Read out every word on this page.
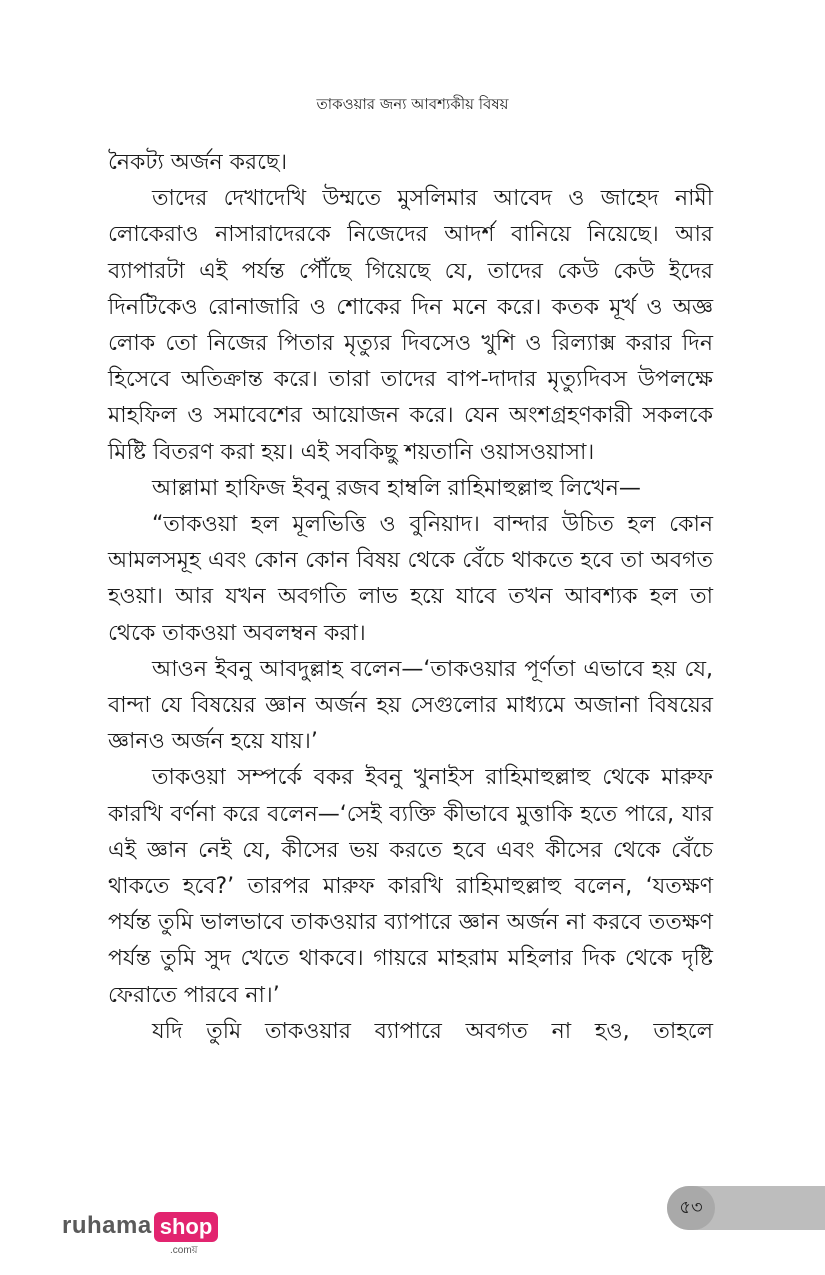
তাকওয়ার জন্য আবশ্যকীয় বিষয়

নৈকট্য অর্জন করছে।

তাদের দেখাদেখি উম্মতে মুসলিমার আবেদ ও জাহেদ নামী লোকেরাও নাসারাদেরকে নিজেদের আদর্শ বানিয়ে নিয়েছে। আর ব্যাপারটা এই পর্যন্ত পৌঁছে গিয়েছে যে, তাদের কেউ কেউ ইদের দিনটিকেও রোনাজারি ও শোকের দিন মনে করে। কতক মূর্খ ও অজ্ঞ লোক তো নিজের পিতার মৃত্যুর দিবসেও খুশি ও রিল্যাক্স করার দিন হিসেবে অতিক্রান্ত করে। তারা তাদের বাপ-দাদার মৃত্যুদিবস উপলক্ষে মাহফিল ও সমাবেশের আয়োজন করে। যেন অংশগ্রহণকারী সকলকে মিষ্টি বিতরণ করা হয়। এই সবকিছু শয়তানি ওয়াসওয়াসা।

আল্লামা হাফিজ ইবনু রজব হাম্বলি রাহিমাহুল্লাহু লিখেন—

“তাকওয়া হল মূলভিত্তি ও বুনিয়াদ। বান্দার উচিত হল কোন আমলসমূহ এবং কোন কোন বিষয় থেকে বেঁচে থাকতে হবে তা অবগত হওয়া। আর যখন অবগতি লাভ হয়ে যাবে তখন আবশ্যক হল তা থেকে তাকওয়া অবলম্বন করা।

আওন ইবনু আবদুল্লাহ বলেন—‘তাকওয়ার পূর্ণতা এভাবে হয় যে, বান্দা যে বিষয়ের জ্ঞান অর্জন হয় সেগুলোর মাধ্যমে অজানা বিষয়ের জ্ঞানও অর্জন হয়ে যায়।’

তাকওয়া সম্পর্কে বকর ইবনু খুনাইস রাহিমাহুল্লাহু থেকে মারুফ কারখি বর্ণনা করে বলেন—‘সেই ব্যক্তি কীভাবে মুত্তাকি হতে পারে, যার এই জ্ঞান নেই যে, কীসের ভয় করতে হবে এবং কীসের থেকে বেঁচে থাকতে হবে?’ তারপর মারুফ কারখি রাহিমাহুল্লাহু বলেন, ‘যতক্ষণ পর্যন্ত তুমি ভালভাবে তাকওয়ার ব্যাপারে জ্ঞান অর্জন না করবে ততক্ষণ পর্যন্ত তুমি সুদ খেতে থাকবে। গায়রে মাহরাম মহিলার দিক থেকে দৃষ্টি ফেরাতে পারবে না।’

যদি তুমি তাকওয়ার ব্যাপারে অবগত না হও, তাহলে

৫৩
ruhama shop
.comয়
